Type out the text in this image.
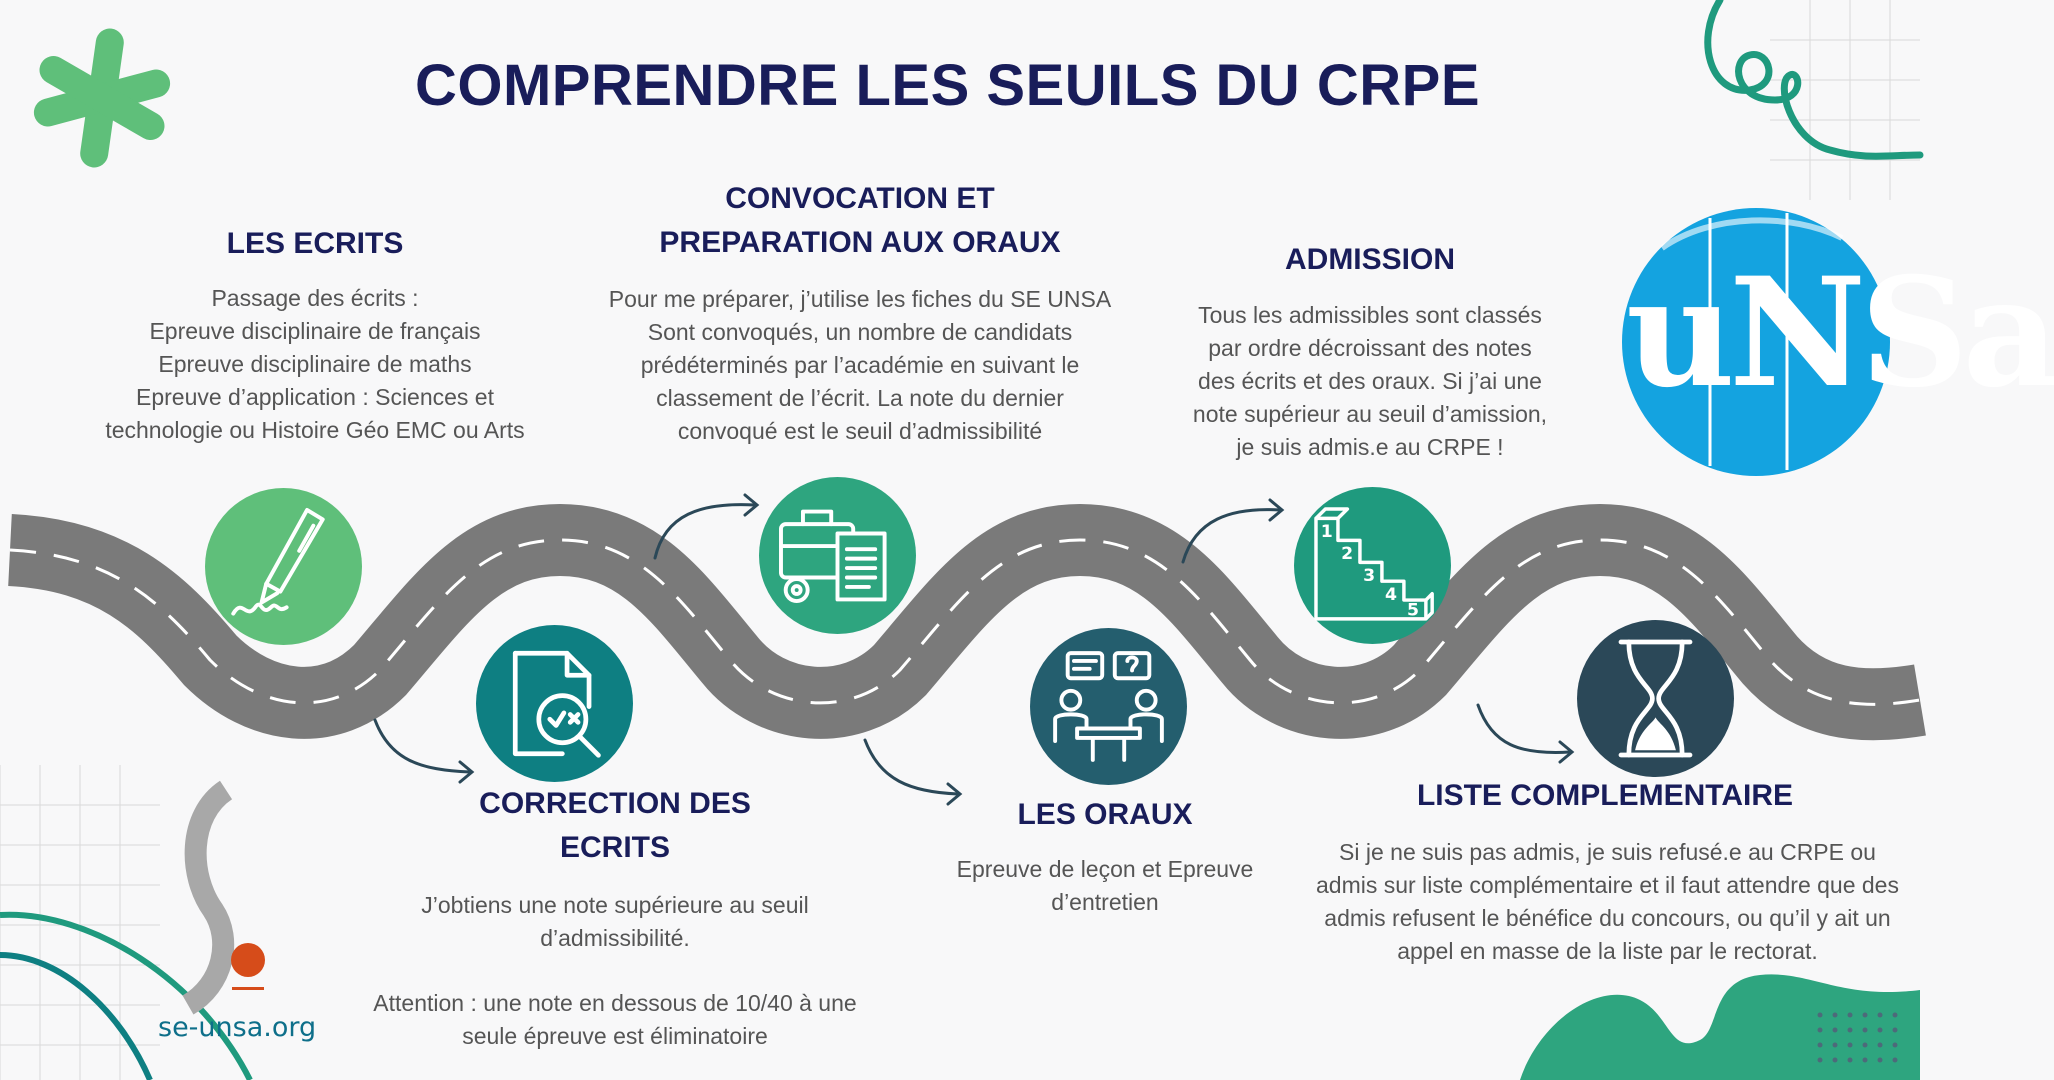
COMPRENDRE LES SEUILS DU CRPE
LES ECRITS

Passage des écrits :

Epreuve disciplinaire de français

Epreuve disciplinaire de maths

Epreuve d’application : Sciences et

technologie ou Histoire Géo EMC ou Arts

CORRECTION DES
ECRITS

J’obtiens une note supérieure au seuil

d’admissibilité.

Attention : une note en dessous de 10/40 à une

seule épreuve est éliminatoire

CONVOCATION ET
PREPARATION AUX ORAUX

Pour me préparer, j’utilise les fiches du SE UNSA

Sont convoqués, un nombre de candidats

prédéterminés par l’académie en suivant le

classement de l’écrit. La note du dernier

convoqué est le seuil d’admissibilité

LES ORAUX

Epreuve de leçon et Epreuve

d’entretien

ADMISSION

Tous les admissibles sont classés

par ordre décroissant des notes

des écrits et des oraux. Si j’ai une

note supérieur au seuil d’amission,

je suis admis.e au CRPE !

1
2
3
4
5
LISTE COMPLEMENTAIRE

Si je ne suis pas admis, je suis refusé.e au CRPE ou

admis sur liste complémentaire et il faut attendre que des

admis refusent le bénéfice du concours, ou qu’il y ait un

appel en masse de la liste par le rectorat.

uNSa
se-unsa.org
